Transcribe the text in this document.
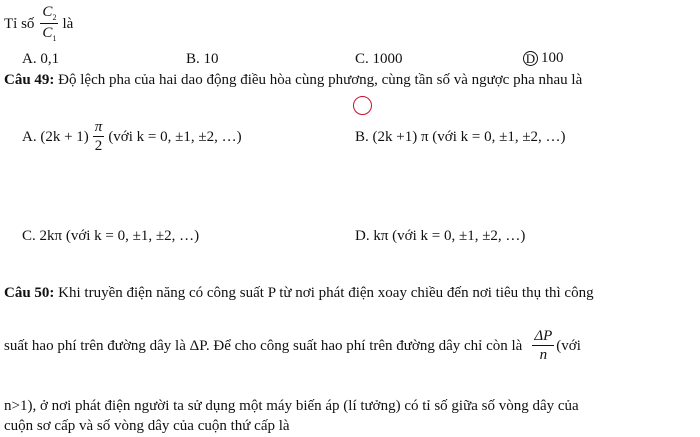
Tỉ số $\frac{C_2}{C_1}$ là
A. 0,1	B. 10	C. 1000	D 100
Câu 49: Độ lệch pha của hai dao động điều hòa cùng phương, cùng tần số và ngược pha nhau là
A. $(2k + 1) \frac{\pi}{2}$ (với k = 0, ±1, ±2, …)	B. (2k +1) π (với k = 0, ±1, ±2, …)
C. 2kπ (với k = 0, ±1, ±2, …)	D. kπ (với k = 0, ±1, ±2, …)
Câu 50: Khi truyền điện năng có công suất P từ nơi phát điện xoay chiều đến nơi tiêu thụ thì công
suất hao phí trên đường dây là ΔP. Để cho công suất hao phí trên đường dây chỉ còn là $\frac{\Delta P}{n}$ (với
n>1), ở nơi phát điện người ta sử dụng một máy biến áp (lí tưởng) có tỉ số giữa số vòng dây của
cuộn sơ cấp và số vòng dây của cuộn thứ cấp là
